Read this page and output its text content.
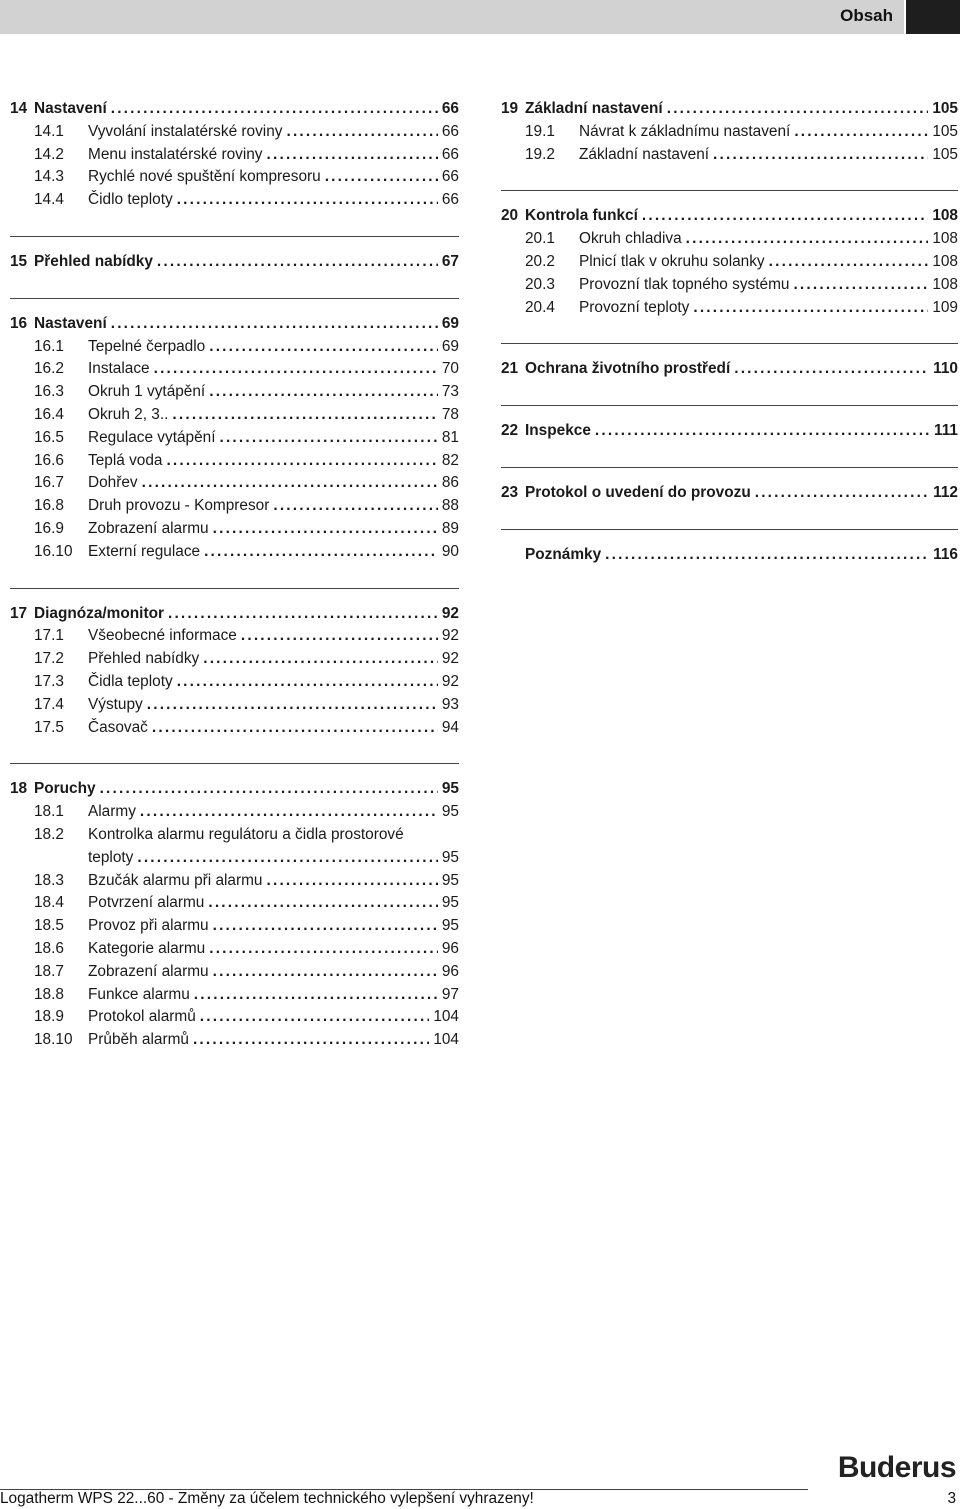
Obsah
14 Nastavení .....	66
14.1 Vyvolání instalatérské roviny .....	66
14.2 Menu instalatérské roviny .....	66
14.3 Rychlé nové spuštění kompresoru .....	66
14.4 Čidlo teploty .....	66
15 Přehled nabídky .....	67
16 Nastavení .....	69
16.1 Tepelné čerpadlo .....	69
16.2 Instalace .....	70
16.3 Okruh 1 vytápění .....	73
16.4 Okruh 2, 3.. .....	78
16.5 Regulace vytápění .....	81
16.6 Teplá voda .....	82
16.7 Dohřev .....	86
16.8 Druh provozu - Kompresor .....	88
16.9 Zobrazení alarmu .....	89
16.10 Externí regulace .....	90
17 Diagnóza/monitor .....	92
17.1 Všeobecné informace .....	92
17.2 Přehled nabídky .....	92
17.3 Čidla teploty .....	92
17.4 Výstupy .....	93
17.5 Časovač .....	94
18 Poruchy .....	95
18.1 Alarmy .....	95
18.2 Kontrolka alarmu regulátoru a čidla prostorové
teploty .....	95
18.3 Bzučák alarmu při alarmu .....	95
18.4 Potvrzení alarmu .....	95
18.5 Provoz při alarmu .....	95
18.6 Kategorie alarmu .....	96
18.7 Zobrazení alarmu .....	96
18.8 Funkce alarmu .....	97
18.9 Protokol alarmů .....	104
18.10 Průběh alarmů .....	104
19 Základní nastavení .....	105
19.1 Návrat k základnímu nastavení .....	105
19.2 Základní nastavení .....	105
20 Kontrola funkcí .....	108
20.1 Okruh chladiva .....	108
20.2 Plnicí tlak v okruhu solanky .....	108
20.3 Provozní tlak topného systému .....	108
20.4 Provozní teploty .....	109
21 Ochrana životního prostředí .....	110
22 Inspekce .....	111
23 Protokol o uvedení do provozu .....	112
Poznámky .....	116
Buderus
Logatherm WPS 22...60 - Změny za účelem technického vylepšení vyhrazeny!	3
